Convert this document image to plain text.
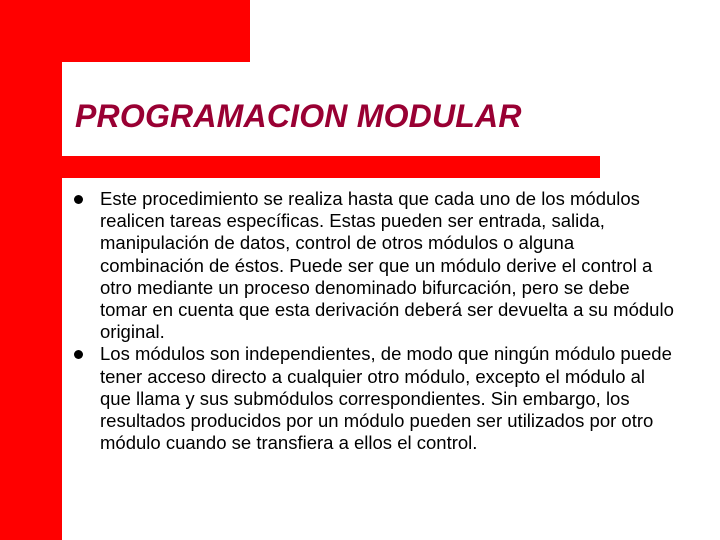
PROGRAMACION MODULAR
Este procedimiento se realiza hasta que cada uno de los módulos realicen tareas específicas. Estas pueden ser entrada, salida, manipulación de datos, control de otros módulos o alguna combinación de éstos. Puede ser que un módulo derive el control a otro mediante un proceso denominado bifurcación, pero se debe tomar en cuenta que esta derivación deberá ser devuelta a su módulo original.
Los módulos son independientes, de modo que ningún módulo puede tener acceso directo a cualquier otro módulo, excepto el módulo al que llama y sus submódulos correspondientes. Sin embargo, los resultados producidos por un módulo pueden ser utilizados por otro módulo cuando se transfiera a ellos el control.
